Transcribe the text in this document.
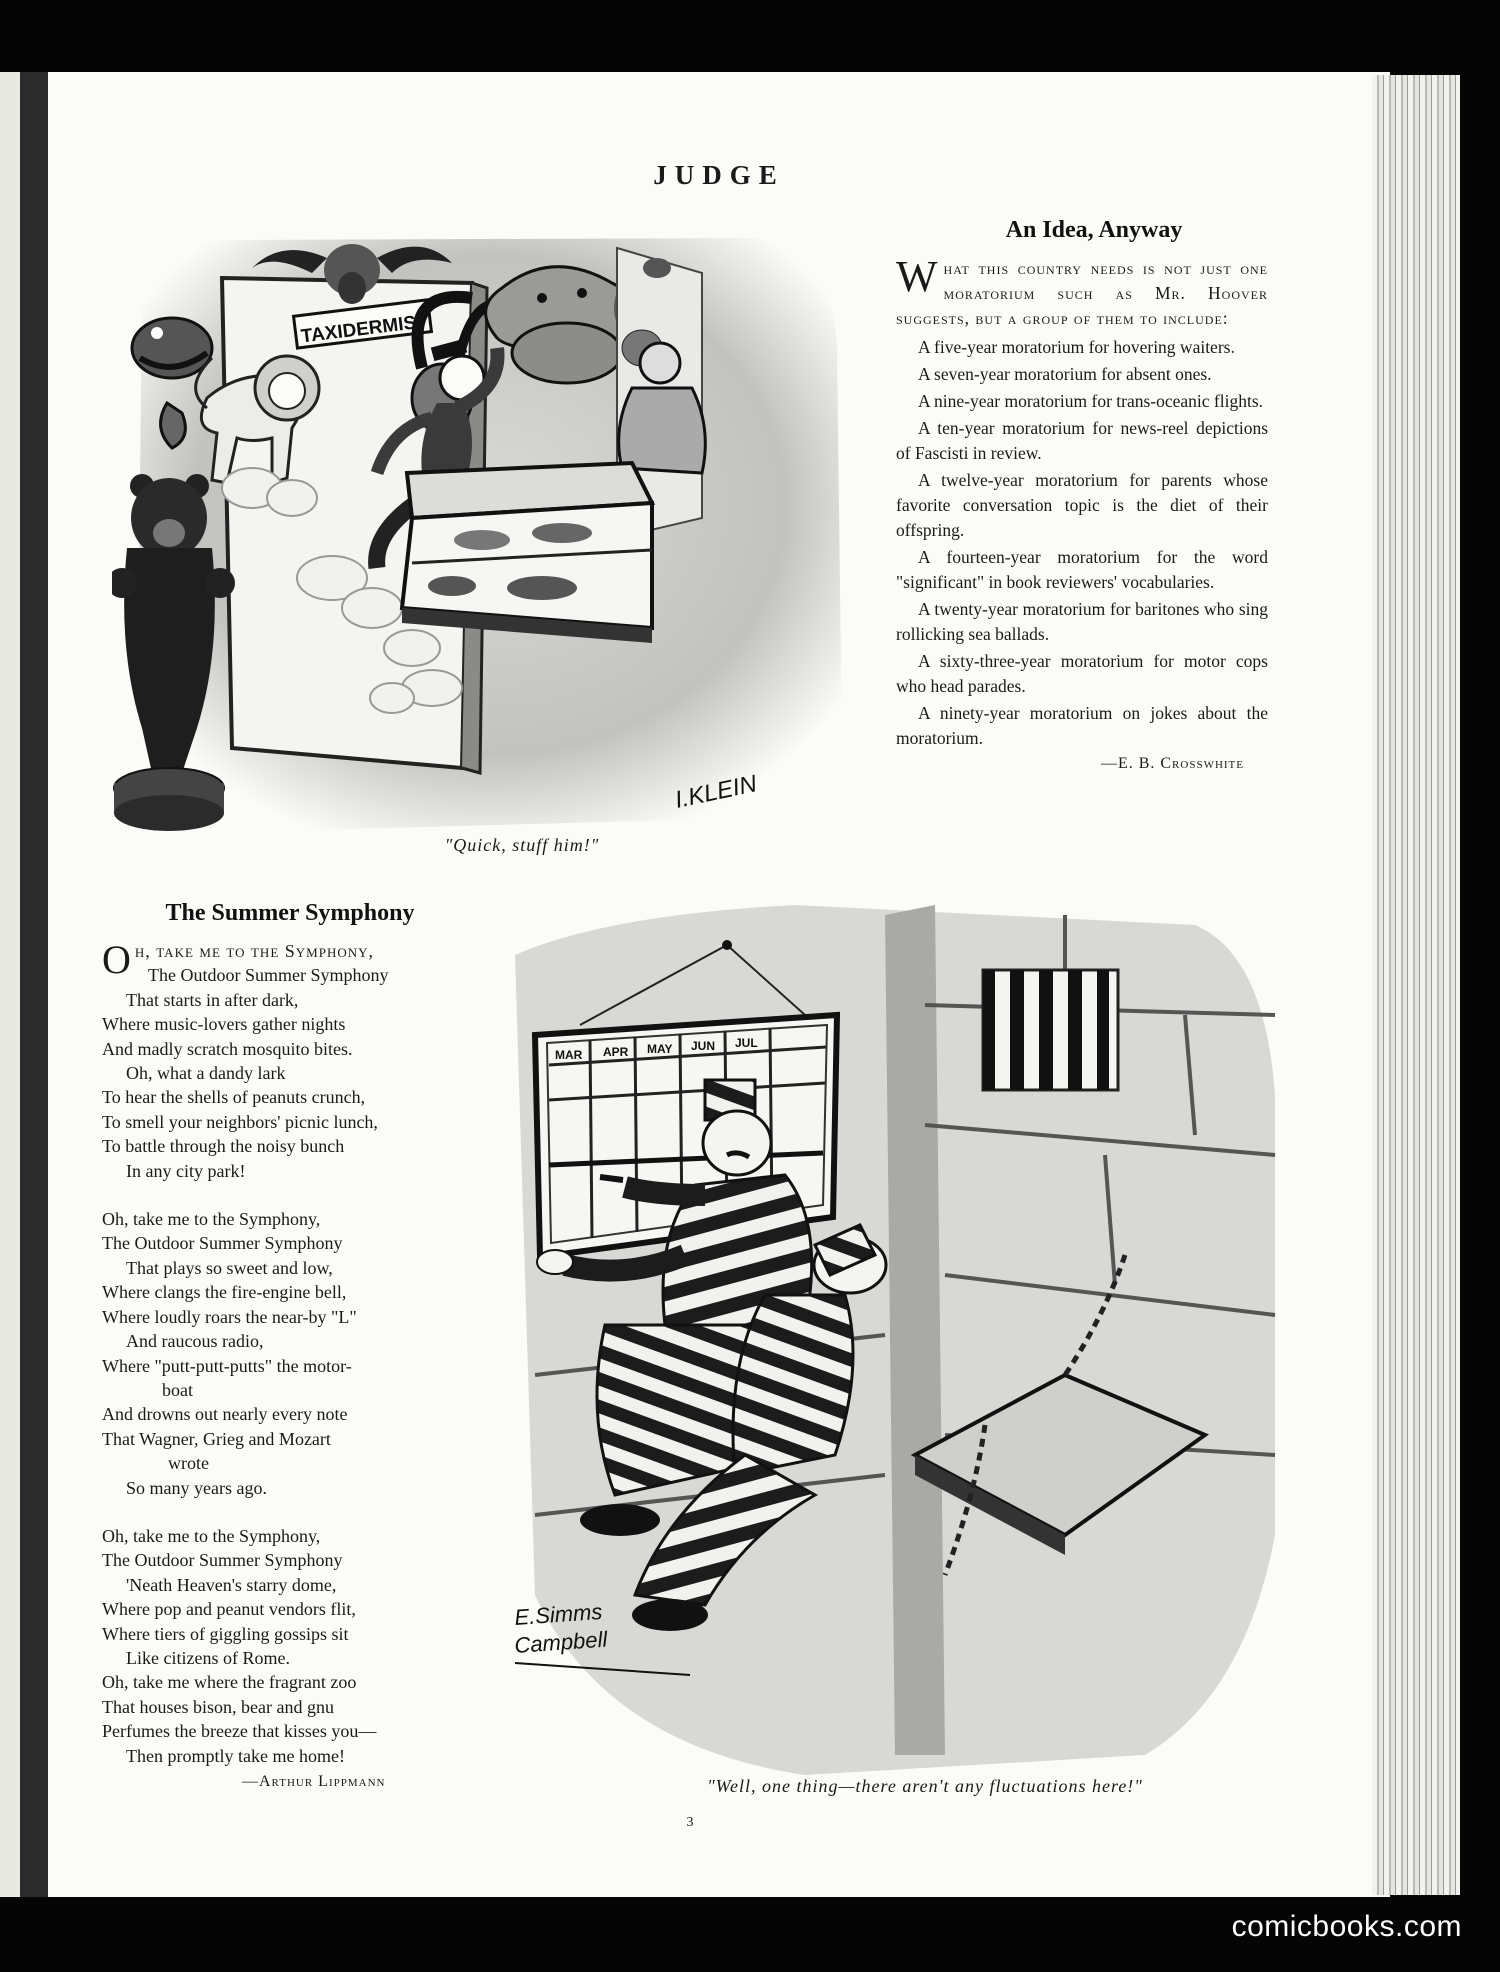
JUDGE
TAXIDERMIST
I.KLEIN
"Quick, stuff him!"
An Idea, Anyway

What this country needs is not just one moratorium such as Mr. Hoover suggests, but a group of them to include:

A five-year moratorium for hovering waiters.

A seven-year moratorium for absent ones.

A nine-year moratorium for trans-oceanic flights.

A ten-year moratorium for news-reel depictions of Fascisti in review.

A twelve-year moratorium for parents whose favorite conversation topic is the diet of their offspring.

A fourteen-year moratorium for the word "significant" in book reviewers' vocabularies.

A twenty-year moratorium for baritones who sing rollicking sea ballads.

A sixty-three-year moratorium for motor cops who head parades.

A ninety-year moratorium on jokes about the moratorium.

—E. B. Crosswhite
The Summer Symphony
Oh, take me to the Symphony,
The Outdoor Summer Symphony
That starts in after dark,
Where music-lovers gather nights
And madly scratch mosquito bites.
Oh, what a dandy lark
To hear the shells of peanuts crunch,
To smell your neighbors' picnic lunch,
To battle through the noisy bunch
In any city park!
Oh, take me to the Symphony,
The Outdoor Summer Symphony
That plays so sweet and low,
Where clangs the fire-engine bell,
Where loudly roars the near-by "L"
And raucous radio,
Where "putt-putt-putts" the motor-
boat
And drowns out nearly every note
That Wagner, Grieg and Mozart
wrote
So many years ago.
Oh, take me to the Symphony,
The Outdoor Summer Symphony
'Neath Heaven's starry dome,
Where pop and peanut vendors flit,
Where tiers of giggling gossips sit
Like citizens of Rome.
Oh, take me where the fragrant zoo
That houses bison, bear and gnu
Perfumes the breeze that kisses you—
Then promptly take me home!
—Arthur Lippmann
MAR APR MAY JUN JUL
E.Simms
Campbell
"Well, one thing—there aren't any fluctuations here!"
3
comicbooks.com
